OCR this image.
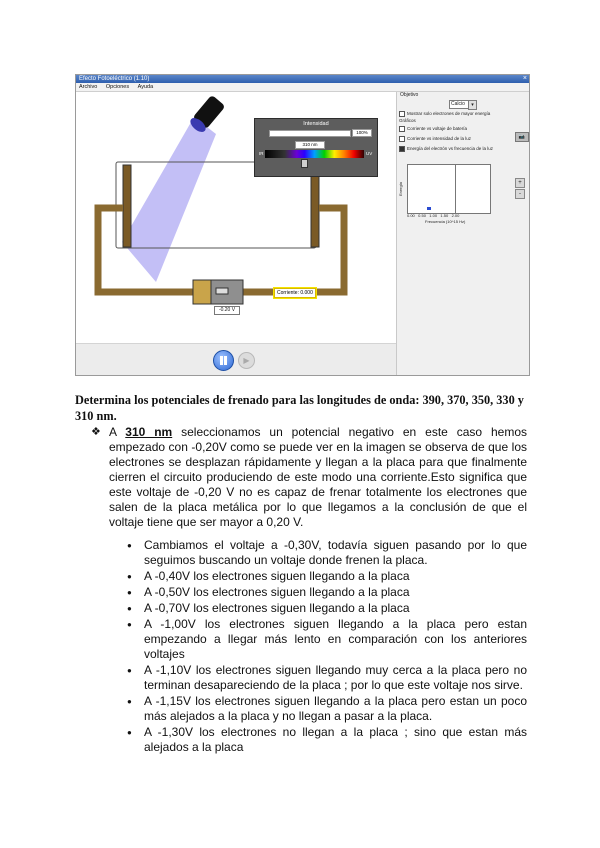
Efecto Fotoeléctrico (1.10)	×
Archivo Opciones Ayuda
-0.20 V
Corriente: 0.000
Intensidad
100%
310 nm
IR	UV
▶
Objetivo
Calcio	▾
Mostrar solo electrones de mayor energía
Gráficos
Corriente vs voltaje de batería
Corriente vs intensidad de la luz
Energía del electrón vs frecuencia de la luz
📷
Energía
0.00 0.50 1.00 1.50 2.00
Frecuencia (10^15 Hz)
+
-
Determina los potenciales de frenado para las longitudes de onda: 390, 370, 350, 330 y 310 nm.
❖ A 310 nm seleccionamos un potencial negativo en este caso hemos empezado con -0,20V como se puede ver en la imagen se observa de que los electrones se desplazan rápidamente y llegan a la placa para que finalmente cierren el circuito produciendo de este modo una corriente.Esto significa que este voltaje de -0,20 V no es capaz de frenar totalmente los electrones que salen de la placa metálica por lo que llegamos a la conclusión de que el voltaje tiene que ser mayor a 0,20 V.
● Cambiamos el voltaje a -0,30V, todavía siguen pasando por lo que seguimos buscando un voltaje donde frenen la placa.
● A -0,40V los electrones siguen llegando a la placa
● A -0,50V los electrones siguen llegando a la placa
● A -0,70V los electrones siguen llegando a la placa
● A -1,00V los electrones siguen llegando a la placa pero estan empezando a llegar más lento en comparación con los anteriores voltajes
● A -1,10V los electrones siguen llegando muy cerca a la placa pero no terminan desapareciendo de la placa ; por lo que este voltaje nos sirve.
● A -1,15V los electrones siguen llegando a la placa pero estan un poco más alejados a la placa y no llegan a pasar a la placa.
● A -1,30V los electrones no llegan a la placa ; sino que estan más alejados a la placa
